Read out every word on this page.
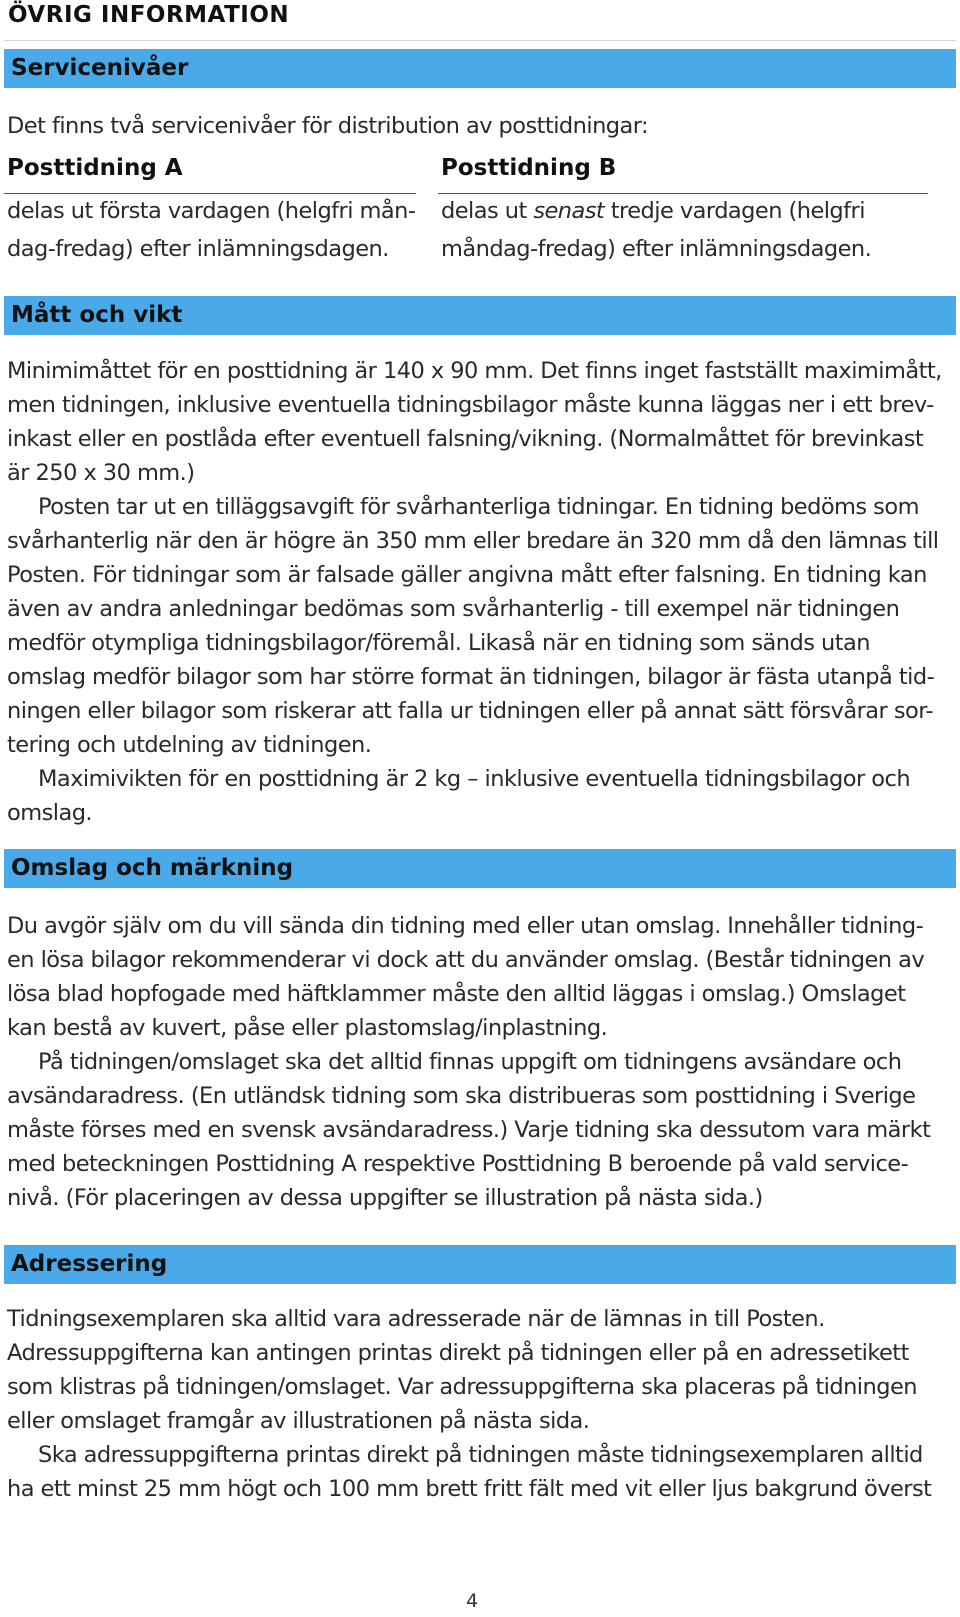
ÖVRIG INFORMATION
Servicenivåer
Det finns två servicenivåer för distribution av posttidningar:
Posttidning A	Posttidning B
delas ut första vardagen (helgfri mån-
dag-fredag) efter inlämningsdagen.
delas ut senast tredje vardagen (helgfri
måndag-fredag) efter inlämningsdagen.
Mått och vikt
Minimimåttet för en posttidning är 140 x 90 mm. Det finns inget fastställt maximimått,
men tidningen, inklusive eventuella tidningsbilagor måste kunna läggas ner i ett brev-
inkast eller en postlåda efter eventuell falsning/vikning. (Normalmåttet för brevinkast
är 250 x 30 mm.)
Posten tar ut en tilläggsavgift för svårhanterliga tidningar. En tidning bedöms som
svårhanterlig när den är högre än 350 mm eller bredare än 320 mm då den lämnas till
Posten. För tidningar som är falsade gäller angivna mått efter falsning. En tidning kan
även av andra anledningar bedömas som svårhanterlig - till exempel när tidningen
medför otympliga tidningsbilagor/föremål. Likaså när en tidning som sänds utan
omslag medför bilagor som har större format än tidningen, bilagor är fästa utanpå tid-
ningen eller bilagor som riskerar att falla ur tidningen eller på annat sätt försvårar sor-
tering och utdelning av tidningen.
Maximivikten för en posttidning är 2 kg – inklusive eventuella tidningsbilagor och
omslag.
Omslag och märkning
Du avgör själv om du vill sända din tidning med eller utan omslag. Innehåller tidning-
en lösa bilagor rekommenderar vi dock att du använder omslag. (Består tidningen av
lösa blad hopfogade med häftklammer måste den alltid läggas i omslag.) Omslaget
kan bestå av kuvert, påse eller plastomslag/inplastning.
På tidningen/omslaget ska det alltid finnas uppgift om tidningens avsändare och
avsändaradress. (En utländsk tidning som ska distribueras som posttidning i Sverige
måste förses med en svensk avsändaradress.) Varje tidning ska dessutom vara märkt
med beteckningen Posttidning A respektive Posttidning B beroende på vald service-
nivå. (För placeringen av dessa uppgifter se illustration på nästa sida.)
Adressering
Tidningsexemplaren ska alltid vara adresserade när de lämnas in till Posten.
Adressuppgifterna kan antingen printas direkt på tidningen eller på en adressetikett
som klistras på tidningen/omslaget. Var adressuppgifterna ska placeras på tidningen
eller omslaget framgår av illustrationen på nästa sida.
Ska adressuppgifterna printas direkt på tidningen måste tidningsexemplaren alltid
ha ett minst 25 mm högt och 100 mm brett fritt fält med vit eller ljus bakgrund överst
4
